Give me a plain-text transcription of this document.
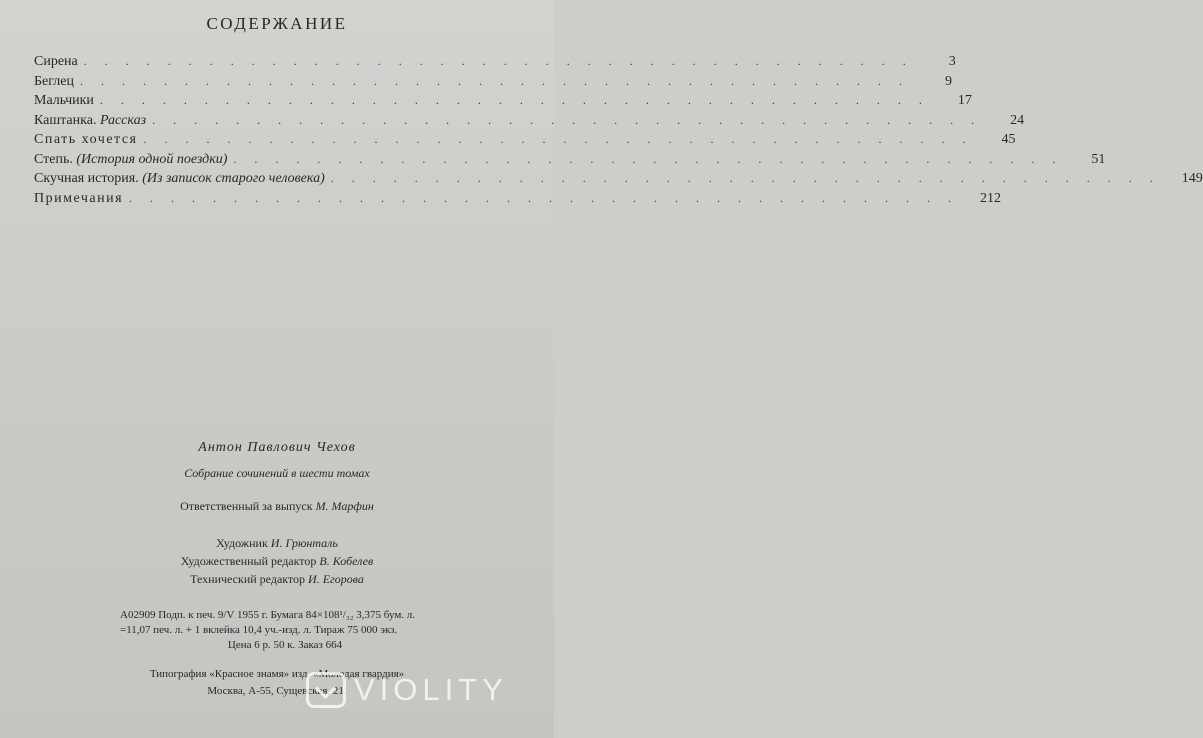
СОДЕРЖАНИЕ
Сирена ........................................	3
Беглец ........................................	9
Мальчики ........................................	17
Каштанка. Рассказ ........................................	24
Спать хочется ........................................	45
Степь. (История одной поездки) ........................................	51
Скучная история. (Из записок старого человека) ........................................ 149
Примечания ........................................ 212
Антон Павлович Чехов
Собрание сочинений в шести томах
Ответственный за выпуск М. Марфин
Художник И. Грюнталь
Художественный редактор В. Кобелев
Технический редактор И. Егорова
А02909 Подп. к печ. 9/V 1955 г. Бумага 84×108¹/₃₂ 3,375 бум. л.
=11,07 печ. л. + 1 вклейка 10,4 уч.-изд. л. Тираж 75 000 экз.
Цена 6 р. 50 к. Заказ 664
Типография «Красное знамя» изд. «Молодая гвардия»
Москва, А-55, Сущевская, 21. VIOLITY
